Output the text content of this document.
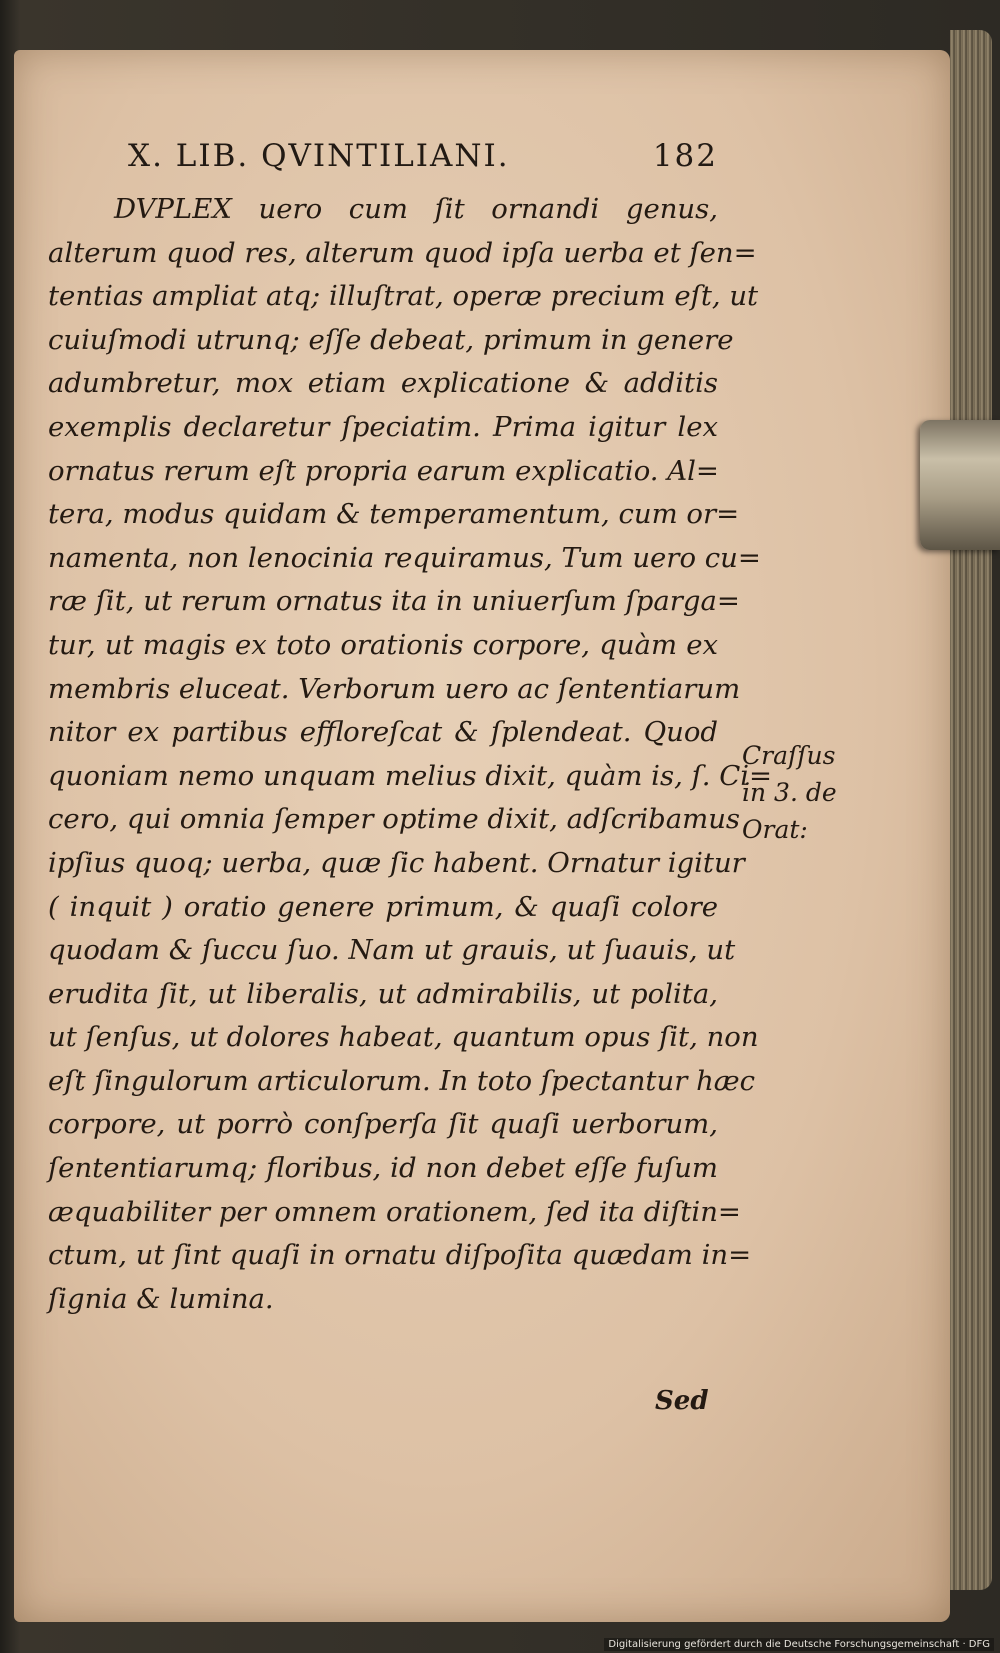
X. LIB. QVINTILIANI.	182
DVPLEX uero cum ſit ornandi genus,
alterum quod res, alterum quod ipſa uerba et ſen=
tentias ampliat atq; illuſtrat, operæ precium eſt, ut
cuiuſmodi utrunq; eſſe debeat, primum in genere
adumbretur, mox etiam explicatione & additis
exemplis declaretur ſpeciatim. Prima igitur lex
ornatus rerum eſt propria earum explicatio. Al=
tera, modus quidam & temperamentum, cum or=
namenta, non lenocinia requiramus, Tum uero cu=
ræ ſit, ut rerum ornatus ita in uniuerſum ſparga=
tur, ut magis ex toto orationis corpore, quàm ex
membris eluceat. Verborum uero ac ſententiarum
nitor ex partibus effloreſcat & ſplendeat. Quod
quoniam nemo unquam melius dixit, quàm is, ſ. Ci=
cero, qui omnia ſemper optime dixit, adſcribamus
ipſius quoq; uerba, quæ ſic habent. Ornatur igitur
( inquit ) oratio genere primum, & quaſi colore
quodam & ſuccu ſuo. Nam ut grauis, ut ſuauis, ut
erudita ſit, ut liberalis, ut admirabilis, ut polita,
ut ſenſus, ut dolores habeat, quantum opus ſit, non
eſt ſingulorum articulorum. In toto ſpectantur hæc
corpore, ut porrò conſperſa ſit quaſi uerborum,
ſententiarumq; floribus, id non debet eſſe fuſum
æquabiliter per omnem orationem, ſed ita diſtin=
ctum, ut ſint quaſi in ornatu diſpoſita quædam in=
ſignia & lumina.
Craſſus
in 3. de
Orat:
Sed
Digitalisierung gefördert durch die Deutsche Forschungsgemeinschaft · DFG
